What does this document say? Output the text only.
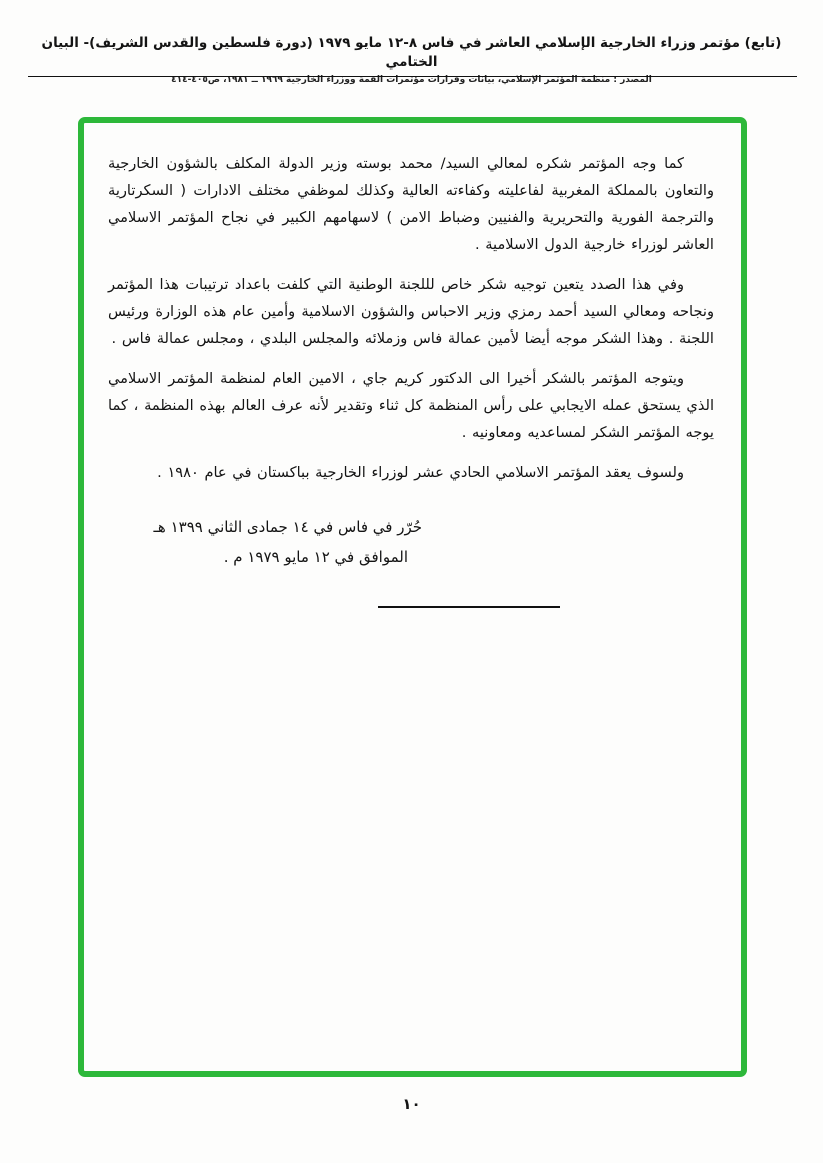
(تابع) مؤتمر وزراء الخارجية الإسلامي العاشر في فاس ٨-١٢ مايو ١٩٧٩ (دورة فلسطين والقدس الشريف)- البيان الختامي
المصدر : منظمة المؤتمر الإسلامي، بيانات وقرارات مؤتمرات القمة ووزراء الخارجية ١٩٦٩ ــ ١٩٨١، ص٤٠٥-٤١٤

كما وجه المؤتمر شكره لمعالي السيد/ محمد بوسته وزير الدولة المكلف بالشؤون الخارجية والتعاون بالمملكة المغربية لفاعليته وكفاءته العالية وكذلك لموظفي مختلف الادارات ( السكرتارية والترجمة الفورية والتحريرية والفنيين وضباط الامن ) لاسهامهم الكبير في نجاح المؤتمر الاسلامي العاشر لوزراء خارجية الدول الاسلامية .

وفي هذا الصدد يتعين توجيه شكر خاص لللجنة الوطنية التي كلفت باعداد ترتيبات هذا المؤتمر ونجاحه ومعالي السيد أحمد رمزي وزير الاحباس والشؤون الاسلامية وأمين عام هذه الوزارة ورئيس اللجنة . وهذا الشكر موجه أيضا لأمين عمالة فاس وزملائه والمجلس البلدي ، ومجلس عمالة فاس .

ويتوجه المؤتمر بالشكر أخيرا الى الدكتور كريم جاي ، الامين العام لمنظمة المؤتمر الاسلامي الذي يستحق عمله الايجابي على رأس المنظمة كل ثناء وتقدير لأنه عرف العالم بهذه المنظمة ، كما يوجه المؤتمر الشكر لمساعديه ومعاونيه .

ولسوف يعقد المؤتمر الاسلامي الحادي عشر لوزراء الخارجية بباكستان في عام ١٩٨٠ .

حُرّر في فاس في ١٤ جمادى الثاني ١٣٩٩ هـ
الموافق في ١٢ مايو ١٩٧٩ م .
١٠
